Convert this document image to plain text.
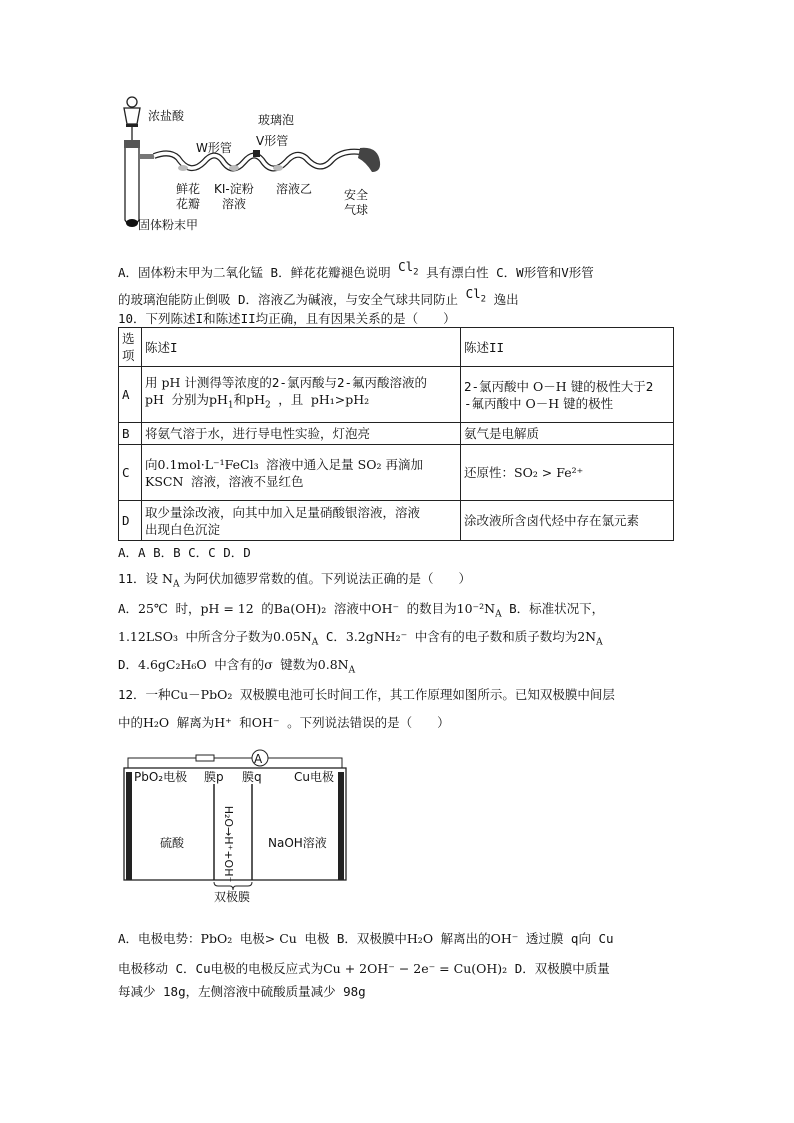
浓盐酸	玻璃泡
W形管 V形管
鲜花
花瓣
KI-淀粉
溶液
溶液乙	安全
气球
固体粉末甲
A．固体粉末甲为二氧化锰 B．鲜花花瓣褪色说明 $Cl_2$ 具有漂白性 C．W形管和V形管
的玻璃泡能防止倒吸 D．溶液乙为碱液，与安全气球共同防止 $Cl_2$ 逸出
10．下列陈述I和陈述II均正确，且有因果关系的是（　　）
选项	陈述I	陈述II
A	用 pH 计测得等浓度的2-氯丙酸与2-氟丙酸溶液的
pH 分别为$pH_1$和$pH_2$ ，且 pH₁>pH₂	2-氯丙酸中 O－H 键的极性大于2
-氟丙酸中 O－H 键的极性
B	将氨气溶于水，进行导电性实验，灯泡亮	氨气是电解质
C	向0.1mol·L⁻¹FeCl₃ 溶液中通入足量 SO₂ 再滴加
KSCN 溶液，溶液不显红色	还原性：SO₂ > Fe²⁺
D	取少量涂改液，向其中加入足量硝酸银溶液，溶液
出现白色沉淀	涂改液所含卤代烃中存在氯元素
A．A B．B C．C D．D
11．设 $N_A$ 为阿伏加德罗常数的值。下列说法正确的是（　　）
A．25℃ 时，pH = 12 的Ba(OH)₂ 溶液中OH⁻ 的数目为$10^{-2}N_A$ B．标准状况下，
1.12LSO₃ 中所含分子数为$0.05N_A$ C．3.2gNH₂⁻ 中含有的电子数和质子数均为$2N_A$
D．4.6gC₂H₆O 中含有的σ 键数为$0.8N_A$
12．一种Cu－PbO₂ 双极膜电池可长时间工作，其工作原理如图所示。已知双极膜中间层
中的H₂O 解离为H⁺ 和OH⁻ 。下列说法错误的是（　　）
A
PbO₂电极 膜p 膜q	Cu电极
硫酸	NaOH溶液
H₂O→H⁺+OH⁻
双极膜
A．电极电势：PbO₂ 电极> Cu 电极 B．双极膜中H₂O 解离出的OH⁻ 透过膜 q向 Cu
电极移动 C．Cu电极的电极反应式为Cu + 2OH⁻ − 2e⁻ = Cu(OH)₂ D．双极膜中质量
每减少 18g，左侧溶液中硫酸质量减少 98g
